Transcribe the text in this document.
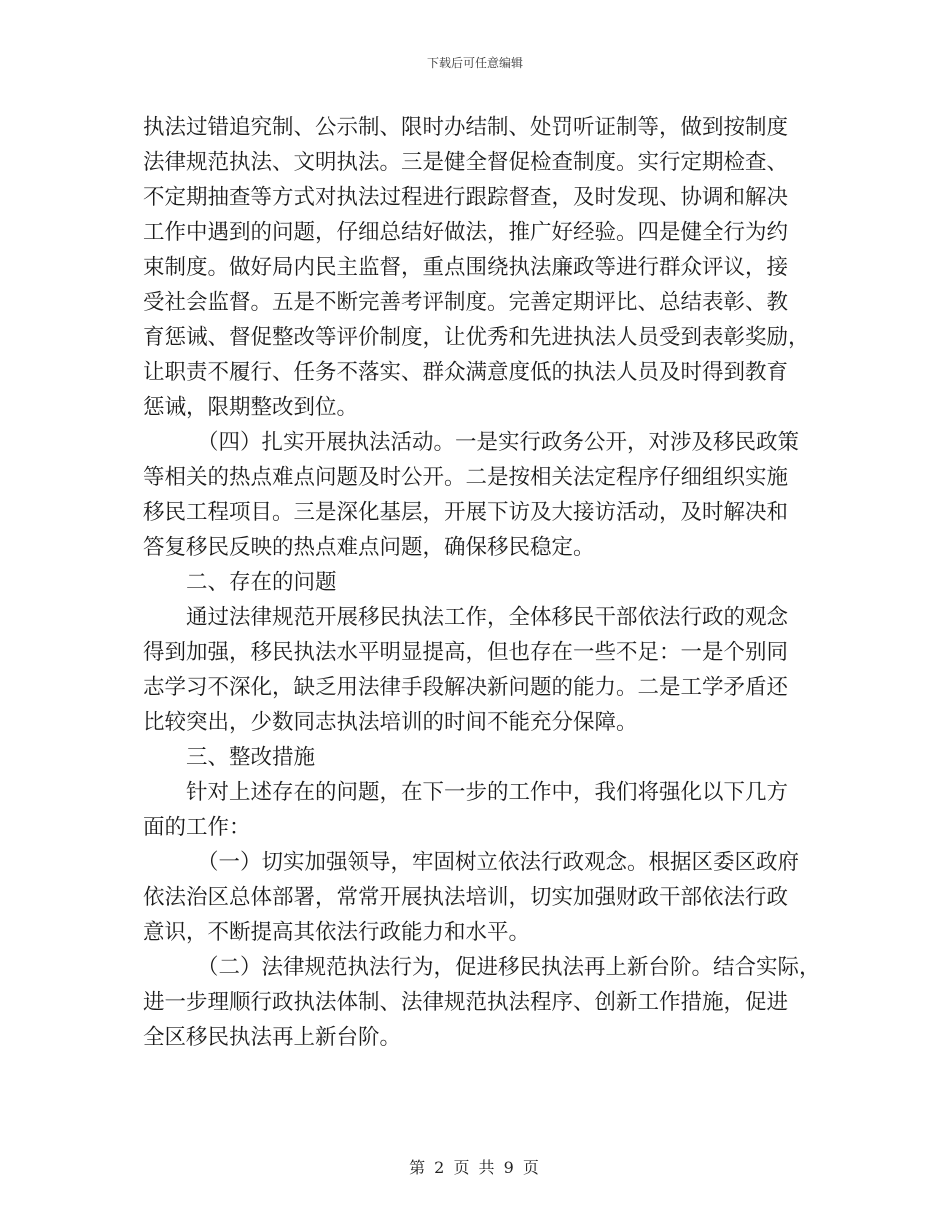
下载后可任意编辑
执法过错追究制、公示制、限时办结制、处罚听证制等，做到按制度
法律规范执法、文明执法。三是健全督促检查制度。实行定期检查、
不定期抽查等方式对执法过程进行跟踪督查，及时发现、协调和解决
工作中遇到的问题，仔细总结好做法，推广好经验。四是健全行为约
束制度。做好局内民主监督，重点围绕执法廉政等进行群众评议，接
受社会监督。五是不断完善考评制度。完善定期评比、总结表彰、教
育惩诫、督促整改等评价制度，让优秀和先进执法人员受到表彰奖励，
让职责不履行、任务不落实、群众满意度低的执法人员及时得到教育
惩诫，限期整改到位。
（四）扎实开展执法活动。一是实行政务公开，对涉及移民政策
等相关的热点难点问题及时公开。二是按相关法定程序仔细组织实施
移民工程项目。三是深化基层，开展下访及大接访活动，及时解决和
答复移民反映的热点难点问题，确保移民稳定。
二、存在的问题
通过法律规范开展移民执法工作，全体移民干部依法行政的观念
得到加强，移民执法水平明显提高，但也存在一些不足：一是个别同
志学习不深化，缺乏用法律手段解决新问题的能力。二是工学矛盾还
比较突出，少数同志执法培训的时间不能充分保障。
三、整改措施
针对上述存在的问题，在下一步的工作中，我们将强化以下几方
面的工作：
（一）切实加强领导，牢固树立依法行政观念。根据区委区政府
依法治区总体部署，常常开展执法培训，切实加强财政干部依法行政
意识，不断提高其依法行政能力和水平。
（二）法律规范执法行为，促进移民执法再上新台阶。结合实际，
进一步理顺行政执法体制、法律规范执法程序、创新工作措施，促进
全区移民执法再上新台阶。
第 2 页 共 9 页
